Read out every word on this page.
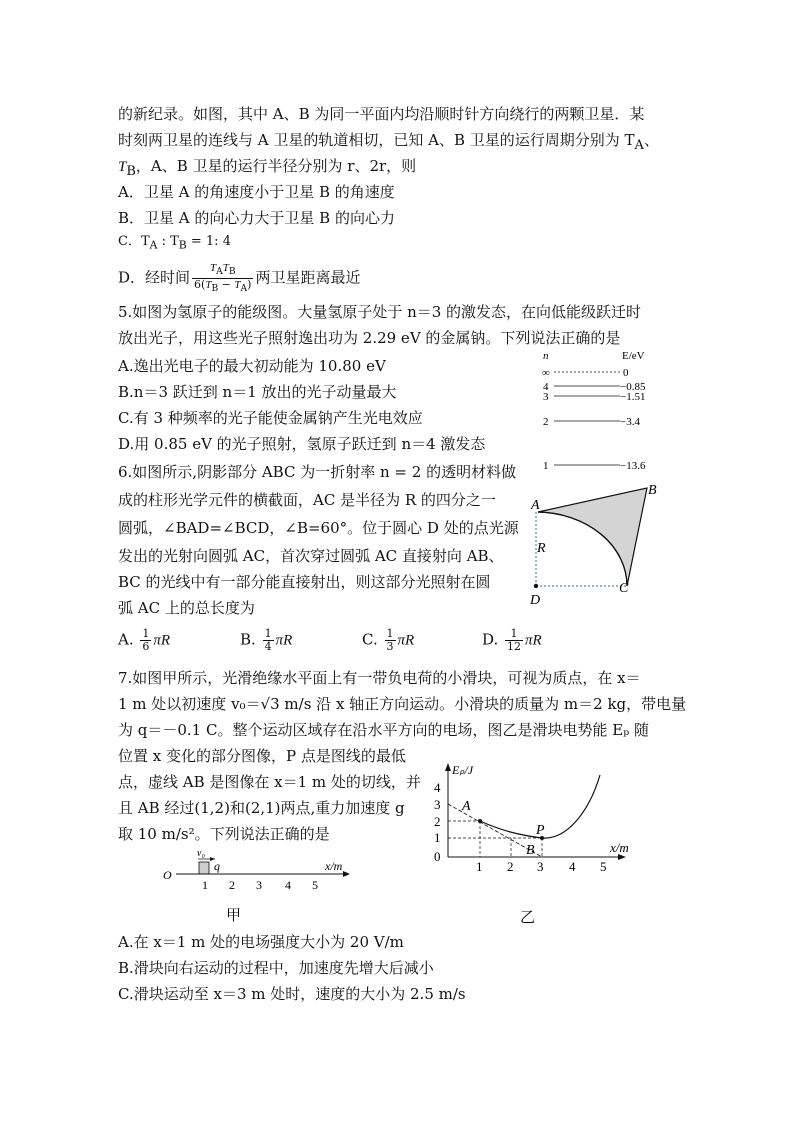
的新纪录。如图，其中 A、B 为同一平面内均沿顺时针方向绕行的两颗卫星．某
时刻两卫星的连线与 A 卫星的轨道相切，已知 A、B 卫星的运行周期分别为 $T_A$、
$T_B$，A、B 卫星的运行半径分别为 r、2r，则
A．卫星 A 的角速度小于卫星 B 的角速度
B．卫星 A 的向心力大于卫星 B 的向心力
C．$T_A$ : $T_B = 1$: 4
D．经时间 $\frac{T_AT_B}{6(T_B - T_A)}$ 两卫星距离最近
5.如图为氢原子的能级图。大量氢原子处于 n＝3 的激发态，在向低能级跃迁时
放出光子，用这些光子照射逸出功为 2.29 eV 的金属钠。下列说法正确的是
A.逸出光电子的最大初动能为 10.80 eV
B.n＝3 跃迁到 n＝1 放出的光子动量最大
C.有 3 种频率的光子能使金属钠产生光电效应
D.用 0.85 eV 的光子照射，氢原子跃迁到 n＝4 激发态
n	E/eV
∞	0
4	−0.85
3	−1.51
2	−3.4
1	−13.6
6.如图所示,阴影部分 ABC 为一折射率 n = 2 的透明材料做
成的柱形光学元件的横截面，AC 是半径为 R 的四分之一
圆弧，∠BAD=∠BCD，∠B=60°。位于圆心 D 处的点光源
发出的光射向圆弧 AC，首次穿过圆弧 AC 直接射向 AB、
BC 的光线中有一部分能直接射出，则这部分光照射在圆
弧 AC 上的总长度为
A. $\frac{1}{6}$ πR	B. $\frac{1}{4}$ πR	C. $\frac{1}{3}$ πR	D. $\frac{1}{12}$ πR
A
B
C
D
R
7.如图甲所示，光滑绝缘水平面上有一带负电荷的小滑块，可视为质点，在 x＝
1 m 处以初速度 v₀＝√3 m/s 沿 x 轴正方向运动。小滑块的质量为 m＝2 kg，带电量
为 q＝－0.1 C。整个运动区域存在沿水平方向的电场，图乙是滑块电势能 Eₚ 随
位置 x 变化的部分图像，P 点是图线的最低
点，虚线 AB 是图像在 x＝1 m 处的切线，并
且 AB 经过(1,2)和(2,1)两点,重力加速度 g
取 10 m/s²。下列说法正确的是
v₀
q
O
x/m
1 2 3 4 5
甲
Eₚ/J
x/m
1
2
3
4
0
1 2 3 4 5
A
B
P
乙
A.在 x＝1 m 处的电场强度大小为 20 V/m
B.滑块向右运动的过程中，加速度先增大后减小
C.滑块运动至 x＝3 m 处时，速度的大小为 2.5 m/s
